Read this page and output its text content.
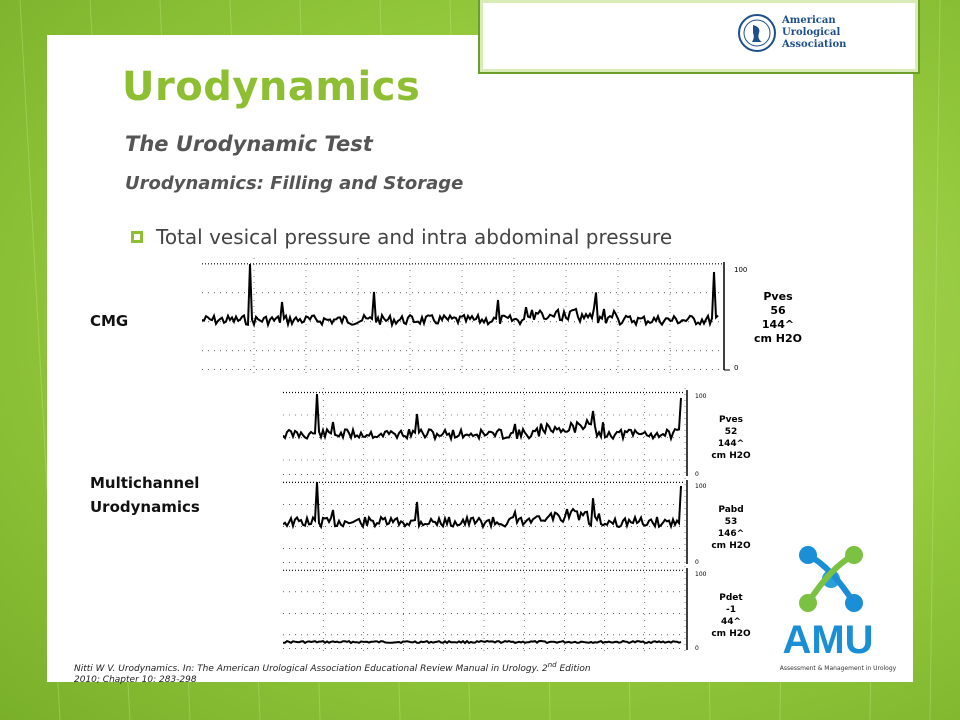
American
Urological
Association
Urodynamics
The Urodynamic Test
Urodynamics: Filling and Storage
Total vesical pressure and intra abdominal pressure
CMG
Multichannel
Urodynamics
100
0
Pves
56
144^
cm H2O
100
0
Pves
52
144^
cm H2O
100
0
Pabd
53
146^
cm H2O
100
0
Pdet
-1
44^
cm H2O
Nitti W V. Urodynamics. In: The American Urological Association Educational Review Manual in Urology. 2nd Edition
2010; Chapter 10: 283-298
AMU
Assessment & Management in Urology
